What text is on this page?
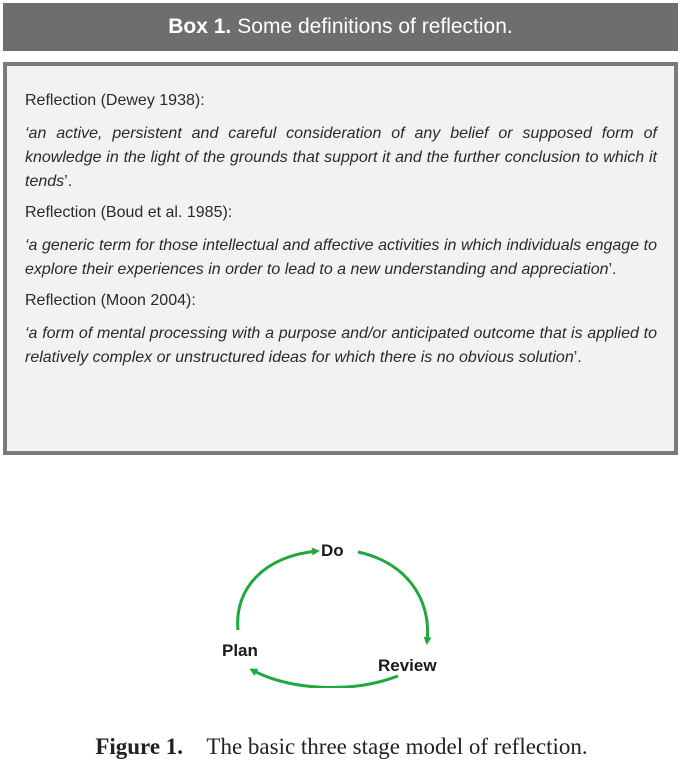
Box 1. Some definitions of reflection.

Reflection (Dewey 1938):

‘an active, persistent and careful consideration of any belief or supposed form of knowledge in the light of the grounds that support it and the further conclusion to which it tends’.

Reflection (Boud et al. 1985):

‘a generic term for those intellectual and affective activities in which individuals engage to explore their experiences in order to lead to a new understanding and appreciation’.

Reflection (Moon 2004):

‘a form of mental processing with a purpose and/or anticipated outcome that is applied to relatively complex or unstructured ideas for which there is no obvious solution’.

Do
Review
Plan
Figure 1. The basic three stage model of reflection.
